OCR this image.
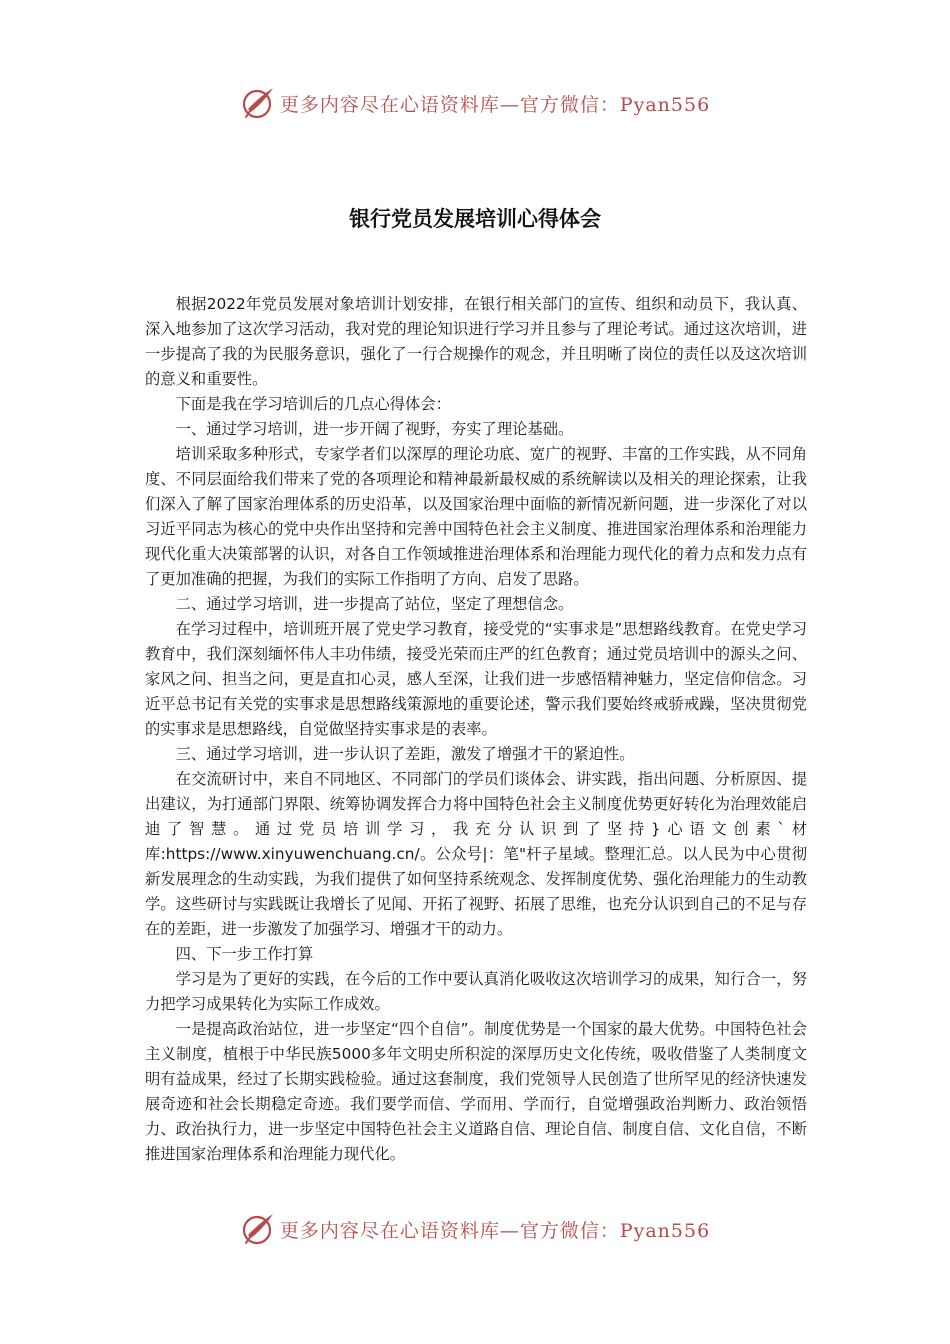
更多内容尽在心语资料库—官方微信：Pyan556
银行党员发展培训心得体会

根据2022年党员发展对象培训计划安排，在银行相关部门的宣传、组织和动员下，我认真、深入地参加了这次学习活动，我对党的理论知识进行学习并且参与了理论考试。通过这次培训，进一步提高了我的为民服务意识，强化了一行合规操作的观念，并且明晰了岗位的责任以及这次培训的意义和重要性。

下面是我在学习培训后的几点心得体会：

一、通过学习培训，进一步开阔了视野，夯实了理论基础。

培训采取多种形式，专家学者们以深厚的理论功底、宽广的视野、丰富的工作实践，从不同角度、不同层面给我们带来了党的各项理论和精神最新最权威的系统解读以及相关的理论探索，让我们深入了解了国家治理体系的历史沿革，以及国家治理中面临的新情况新问题，进一步深化了对以习近平同志为核心的党中央作出坚持和完善中国特色社会主义制度、推进国家治理体系和治理能力现代化重大决策部署的认识，对各自工作领域推进治理体系和治理能力现代化的着力点和发力点有了更加准确的把握，为我们的实际工作指明了方向、启发了思路。

二、通过学习培训，进一步提高了站位，坚定了理想信念。

在学习过程中，培训班开展了党史学习教育，接受党的“实事求是”思想路线教育。在党史学习教育中，我们深刻缅怀伟人丰功伟绩，接受光荣而庄严的红色教育；通过党员培训中的源头之问、家风之问、担当之问，更是直扣心灵，感人至深，让我们进一步感悟精神魅力，坚定信仰信念。习近平总书记有关党的实事求是思想路线策源地的重要论述，警示我们要始终戒骄戒躁，坚决贯彻党的实事求是思想路线，自觉做坚持实事求是的表率。

三、通过学习培训，进一步认识了差距，激发了增强才干的紧迫性。

在交流研讨中，来自不同地区、不同部门的学员们谈体会、讲实践，指出问题、分析原因、提出建议，为打通部门界限、统筹协调发挥合力将中国特色社会主义制度优势更好转化为治理效能启迪了智慧。通过党员培训学习，我充分认识到了坚持}心语文创素`材库:https://www.xinyuwenchuang.cn/。公众号|：笔"杆子星域。整理汇总。以人民为中心贯彻新发展理念的生动实践，为我们提供了如何坚持系统观念、发挥制度优势、强化治理能力的生动教学。这些研讨与实践既让我增长了见闻、开拓了视野、拓展了思维，也充分认识到自己的不足与存在的差距，进一步激发了加强学习、增强才干的动力。

四、下一步工作打算

学习是为了更好的实践，在今后的工作中要认真消化吸收这次培训学习的成果，知行合一，努力把学习成果转化为实际工作成效。

一是提高政治站位，进一步坚定“四个自信”。制度优势是一个国家的最大优势。中国特色社会主义制度，植根于中华民族5000多年文明史所积淀的深厚历史文化传统，吸收借鉴了人类制度文明有益成果，经过了长期实践检验。通过这套制度，我们党领导人民创造了世所罕见的经济快速发展奇迹和社会长期稳定奇迹。我们要学而信、学而用、学而行，自觉增强政治判断力、政治领悟力、政治执行力，进一步坚定中国特色社会主义道路自信、理论自信、制度自信、文化自信，不断推进国家治理体系和治理能力现代化。

更多内容尽在心语资料库—官方微信：Pyan556
